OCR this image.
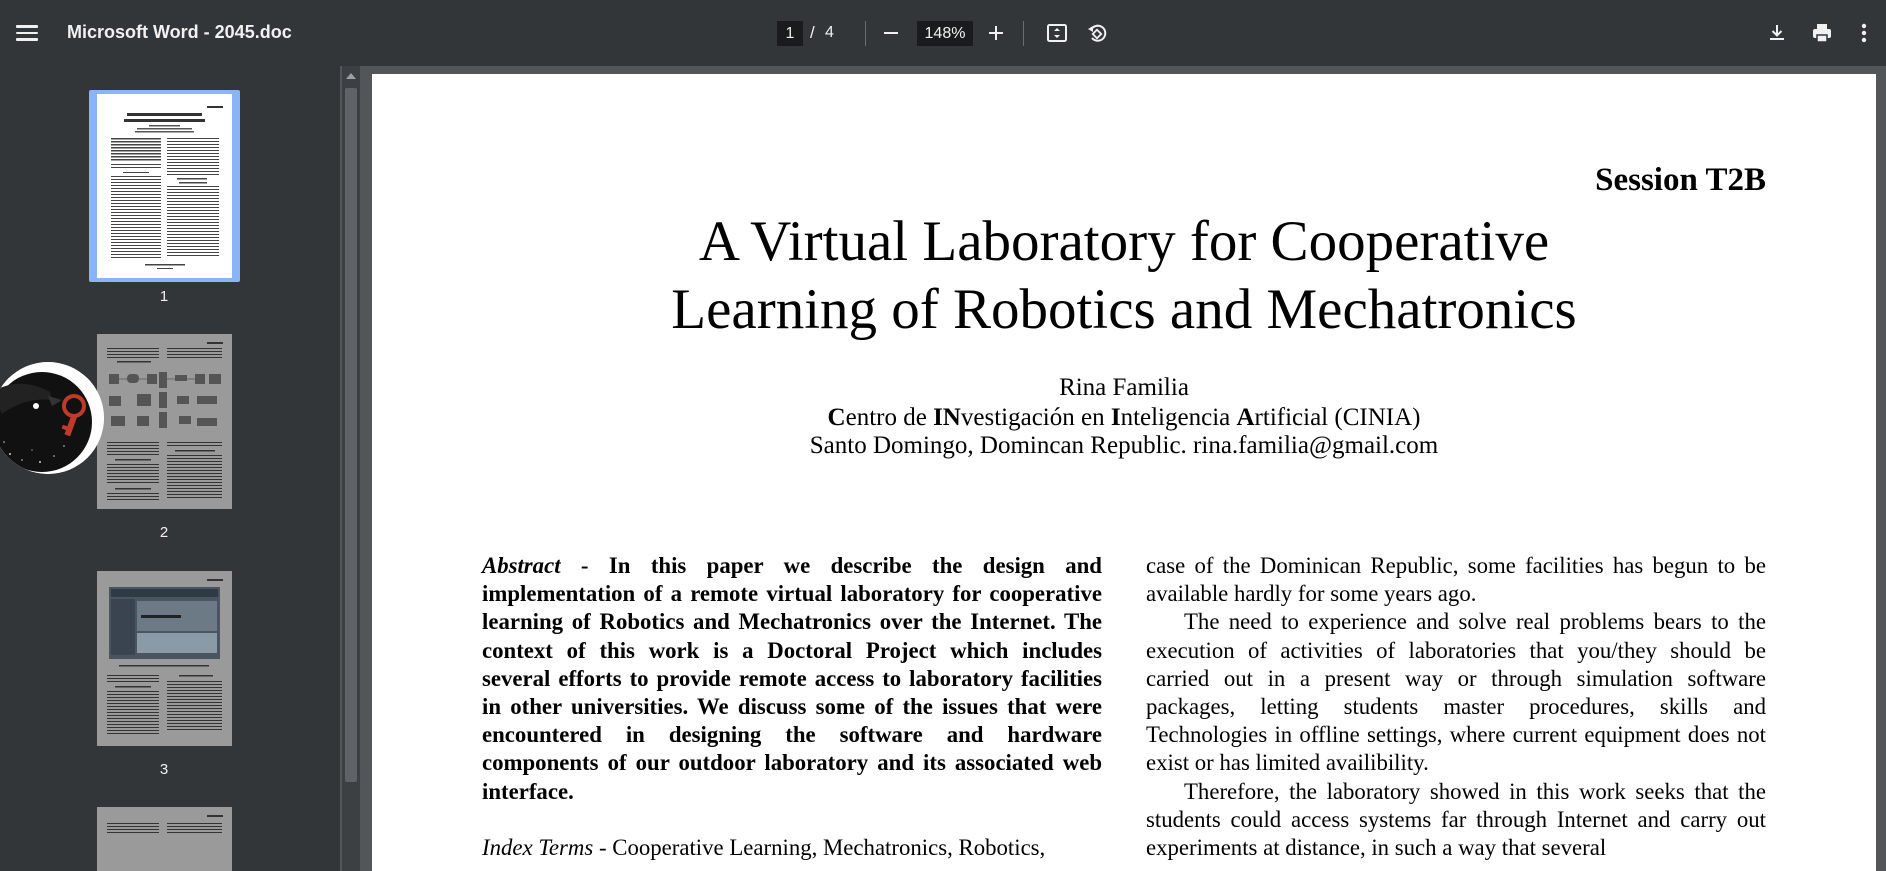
Microsoft Word - 2045.doc
1	/ 4
148%
1
2
3
Session T2B
A Virtual Laboratory for Cooperative
Learning of Robotics and Mechatronics
Rina Familia
Centro de INvestigación en Inteligencia Artificial (CINIA)
Santo Domingo, Domincan Republic. rina.familia@gmail.com

Abstract - In this paper we describe the design and implementation of a remote virtual laboratory for cooperative learning of Robotics and Mechatronics over the Internet. The context of this work is a Doctoral Project which includes several efforts to provide remote access to laboratory facilities in other universities. We discuss some of the issues that were encountered in designing the software and hardware components of our outdoor laboratory and its associated web interface.

Index Terms - Cooperative Learning, Mechatronics, Robotics,

case of the Dominican Republic, some facilities has begun to be available hardly for some years ago.

The need to experience and solve real problems bears to the execution of activities of laboratories that you/they should be carried out in a present way or through simulation software packages, letting students master procedures, skills and Technologies in offline settings, where current equipment does not exist or has limited availibility.

Therefore, the laboratory showed in this work seeks that the students could access systems far through Internet and carry out experiments at distance, in such a way that several
